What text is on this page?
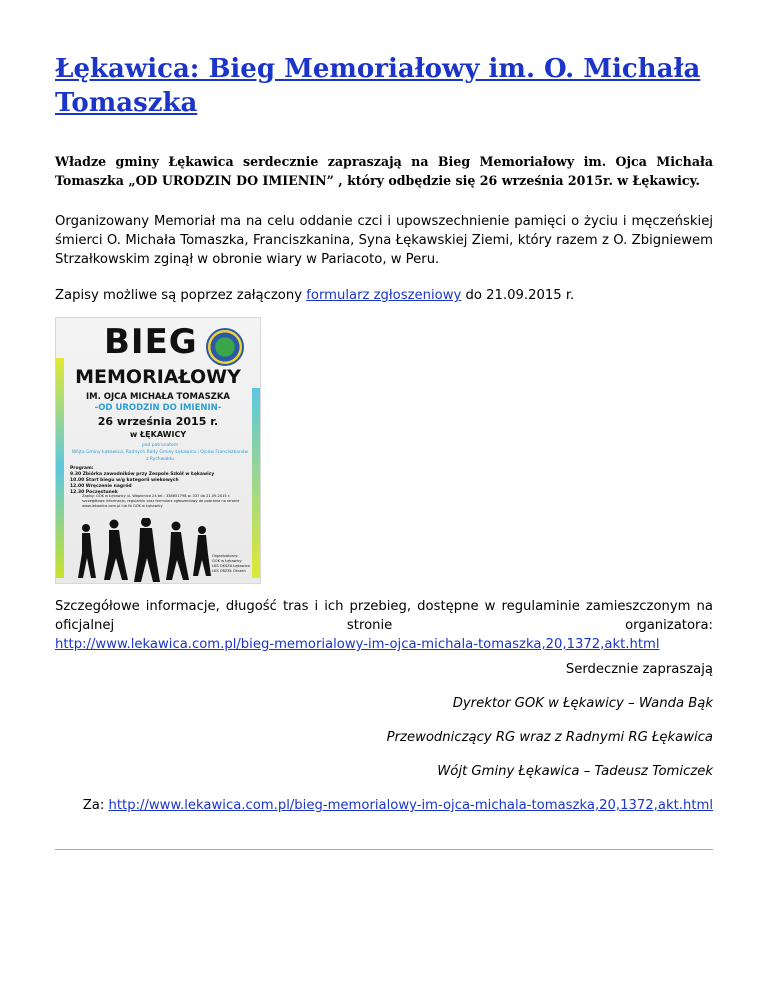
Łękawica: Bieg Memoriałowy im. O. Michała Tomaszka

Władze gminy Łękawica serdecznie zapraszają na Bieg Memoriałowy im. Ojca Michała Tomaszka „OD URODZIN DO IMIENIN” , który odbędzie się 26 września 2015r. w Łękawicy.

Organizowany Memoriał ma na celu oddanie czci i upowszechnienie pamięci o życiu i męczeńskiej śmierci O. Michała Tomaszka, Franciszkanina, Syna Łękawskiej Ziemi, który razem z O. Zbigniewem Strzałkowskim zginął w obronie wiary w Pariacoto, w Peru.

Zapisy możliwe są poprzez załączony formularz zgłoszeniowy do 21.09.2015 r.

BIEG
MEMORIAŁOWY
IM. OJCA MICHAŁA TOMASZKA
-OD URODZIN DO IMIENIN-
26 września 2015 r.
w ŁĘKAWICY
pod patronatem
Wójta Gminy Łękawica, Radnych Rady Gminy Łękawica i Ojców Franciszkanów z Rychwałdu
Program:
9.30 Zbiórka zawodników przy Zespole Szkół w Łękawicy
10.00 Start biegu w/g kategorii wiekowych
12.00 Wręczenie nagród
12.30 Poczęstunek
Zapisy: GOK w Łękawicy ul. Wapienica 24 tel.: 338651798 w. 337 do 21.09.2015 r. szczegółowe informacje, regulamin oraz formularz zgłoszeniowy do pobrania na stronie www.lekawica.com.pl lub fb GOK w Łękawicy
Organizatorzy:
GOK w Łękawicy
LKS OKSZA Łękawica
LKS ORZEŁ Okrzeń
Szczegółowe informacje, długość tras i ich przebieg, dostępne w regulaminie zamieszczonym na
oficjalnej	stronie	organizatora:
http://www.lekawica.com.pl/bieg-memorialowy-im-ojca-michala-tomaszka,20,1372,akt.html
Serdecznie zapraszają
Dyrektor GOK w Łękawicy – Wanda Bąk
Przewodniczący RG wraz z Radnymi RG Łękawica
Wójt Gminy Łękawica – Tadeusz Tomiczek
Za: http://www.lekawica.com.pl/bieg-memorialowy-im-ojca-michala-tomaszka,20,1372,akt.html
